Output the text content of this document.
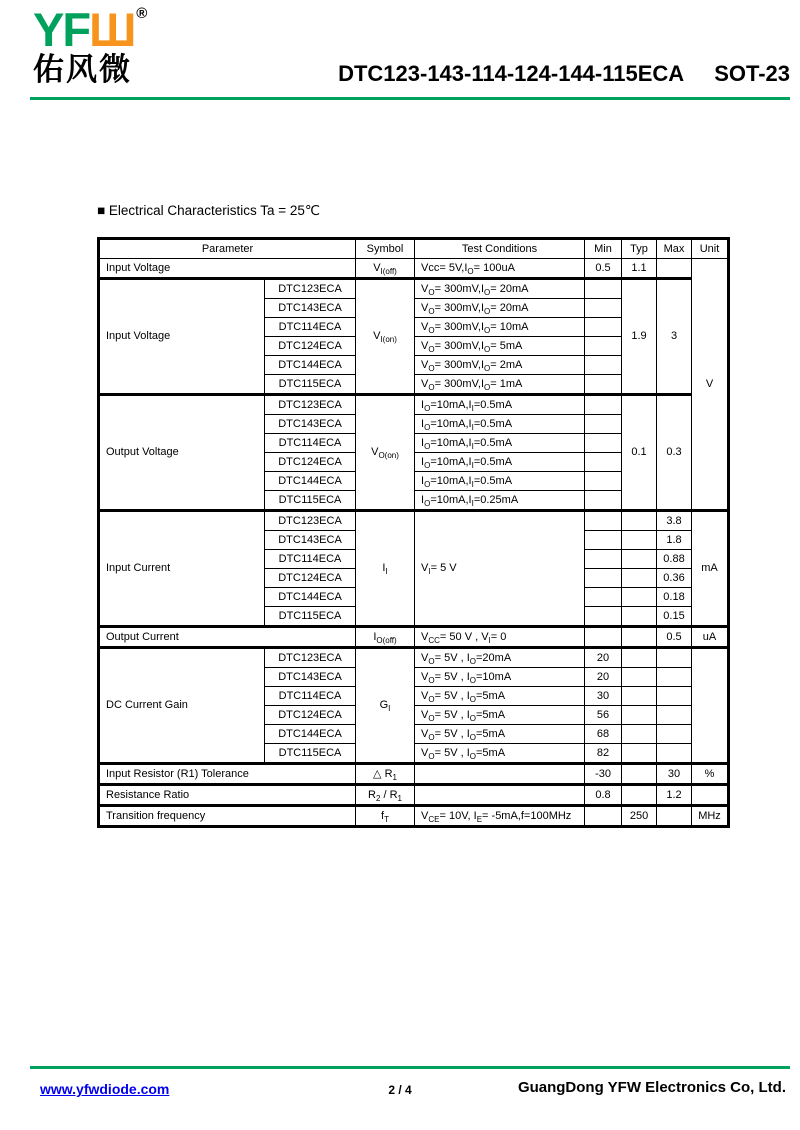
YFШ ®
佑风微	DTC123-143-114-124-144-115ECA SOT-23
■ Electrical Characteristics Ta = 25℃
Parameter		Symbol	Test Conditions	Min	Typ	Max	Unit
Input Voltage		$V_{I(off)}$	$Vcc= 5V,I_O= 100uA$	0.5	1.1		V
Input Voltage	DTC123ECA	$V_{I(on)}$	$V_O= 300mV,I_O= 20mA$		1.9	3	
	DTC143ECA		$V_O= 300mV,I_O= 20mA$				
	DTC114ECA		$V_O= 300mV,I_O= 10mA$				
	DTC124ECA		$V_O= 300mV,I_O= 5mA$				
	DTC144ECA		$V_O= 300mV,I_O= 2mA$				
	DTC115ECA		$V_O= 300mV,I_O= 1mA$				
Output Voltage	DTC123ECA	$V_{O(on)}$	$I_O=10mA,I_I=0.5mA$		0.1	0.3	
	DTC143ECA		$I_O=10mA,I_I=0.5mA$				
	DTC114ECA		$I_O=10mA,I_I=0.5mA$				
	DTC124ECA		$I_O=10mA,I_I=0.5mA$				
	DTC144ECA		$I_O=10mA,I_I=0.5mA$				
	DTC115ECA		$I_O=10mA,I_I=0.25mA$				
Input Current	DTC123ECA	$I_I$	$V_I= 5$ V			3.8	mA
	DTC143ECA					1.8	
	DTC114ECA					0.88	
	DTC124ECA					0.36	
	DTC144ECA					0.18	
	DTC115ECA					0.15	
Output Current		$I_{O(off)}$	$V_{CC}= 50$ V , $V_I= 0$			0.5	uA
DC Current Gain	DTC123ECA	$G_I$	$V_O= 5V$ , $I_O=20mA$	20			
	DTC143ECA		$V_O= 5V$ , $I_O=10mA$	20			
	DTC114ECA		$V_O= 5V$ , $I_O=5mA$	30			
	DTC124ECA		$V_O= 5V$ , $I_O=5mA$	56			
	DTC144ECA		$V_O= 5V$ , $I_O=5mA$	68			
	DTC115ECA		$V_O= 5V$ , $I_O=5mA$	82			
Input Resistor (R1) Tolerance		△ $R_1$		-30		30	%
Resistance Ratio		$R_2 / R_1$		0.8		1.2	
Transition frequency		$f_T$	$V_{CE}= 10V$, $I_E= -5mA,f=100MHz$		250		MHz
www.yfwdiode.com	2 / 4	GuangDong YFW Electronics Co, Ltd.
